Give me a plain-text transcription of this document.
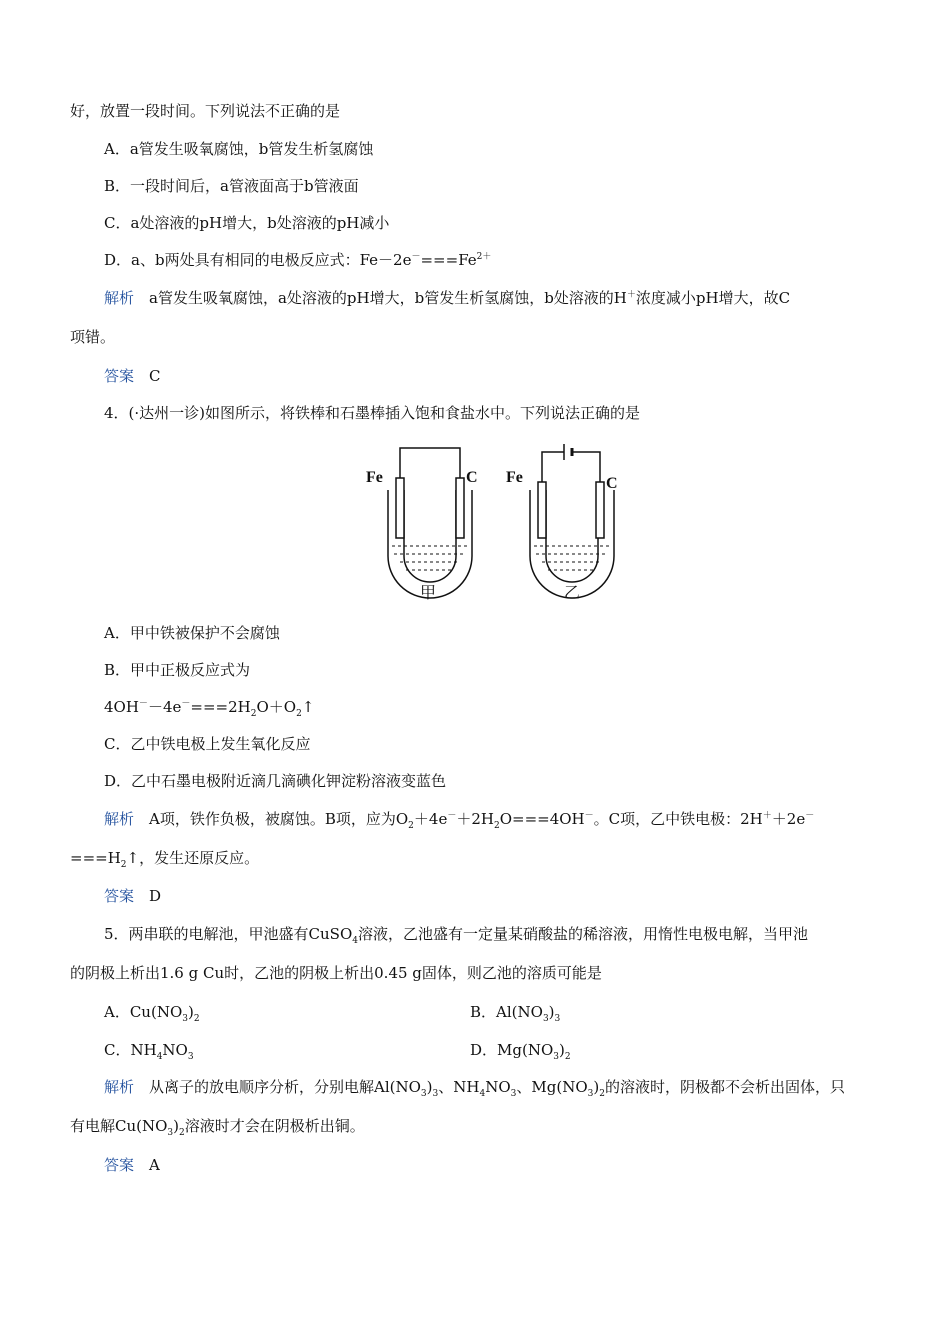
好，放置一段时间。下列说法不正确的是
A．a管发生吸氧腐蚀，b管发生析氢腐蚀
B．一段时间后，a管液面高于b管液面
C．a处溶液的pH增大，b处溶液的pH减小
D．a、b两处具有相同的电极反应式：$Fe-2e^-===Fe^{2+}$
解析　a管发生吸氧腐蚀，a处溶液的pH增大，b管发生析氢腐蚀，b处溶液的H＋浓度减小pH增大，故C
项错。
答案　C
4．(·达州一诊)如图所示，将铁棒和石墨棒插入饱和食盐水中。下列说法正确的是
Fe	C Fe	C
甲	乙
A．甲中铁被保护不会腐蚀
B．甲中正极反应式为
$4OH^--4e^-===2H_2O+O_2↑$
C．乙中铁电极上发生氧化反应
D．乙中石墨电极附近滴几滴碘化钾淀粉溶液变蓝色
解析　A项，铁作负极，被腐蚀。B项，应为$O_2+4e^-+2H_2O===4OH^-$。C项，乙中铁电极：2H＋＋2e－
$===H_2↑$，发生还原反应。
答案　D
5．两串联的电解池，甲池盛有CuSO$_4$溶液，乙池盛有一定量某硝酸盐的稀溶液，用惰性电极电解，当甲池
的阴极上析出1.6 g Cu时，乙池的阴极上析出0.45 g固体，则乙池的溶质可能是
A．$Cu(NO_3)_2$	B．$Al(NO_3)_3$
C．$NH_4NO_3$	D．$Mg(NO_3)_2$
解析　从离子的放电顺序分析，分别电解$Al(NO_3)_3$、$NH_4NO_3$、$Mg(NO_3)_2$的溶液时，阴极都不会析出固体，只
有电解$Cu(NO_3)_2$溶液时才会在阴极析出铜。
答案　A
